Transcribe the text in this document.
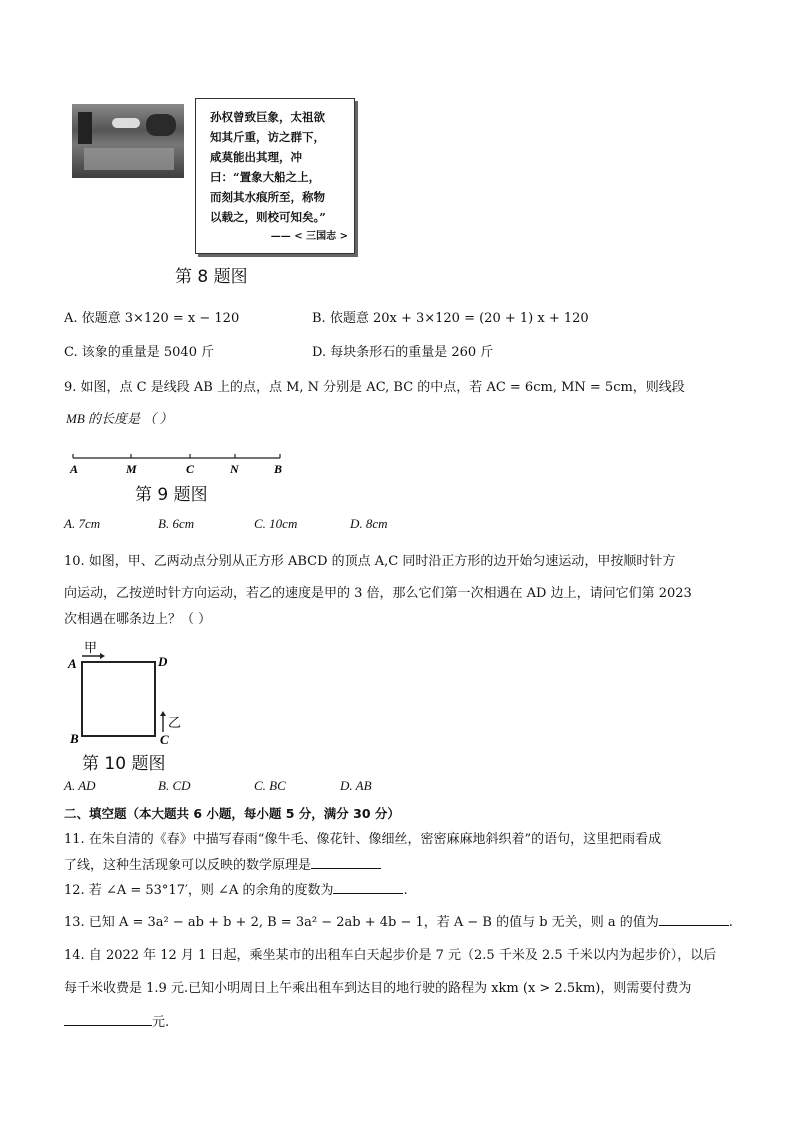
孙权曾致巨象，太祖欲
知其斤重，访之群下，
咸莫能出其理，冲
曰：“置象大船之上，
而刻其水痕所至，称物
以载之，则校可知矣。”
—— < 三国志 >
第 8 题图
A. 依题意 3×120 = x − 120	B. 依题意 20x + 3×120 = (20 + 1) x + 120
C. 该象的重量是 5040 斤	D. 每块条形石的重量是 260 斤
9. 如图，点 C 是线段 AB 上的点，点 M, N 分别是 AC, BC 的中点，若 AC = 6cm, MN = 5cm，则线段
MB 的长度是 （ ）
A	M	C	N	B
第 9 题图
A. 7cm	B. 6cm	C. 10cm	D. 8cm
10. 如图，甲、乙两动点分别从正方形 ABCD 的顶点 A,C 同时沿正方形的边开始匀速运动，甲按顺时针方
向运动，乙按逆时针方向运动，若乙的速度是甲的 3 倍，那么它们第一次相遇在 AD 边上，请问它们第 2023
次相遇在哪条边上？（ ）
甲
乙
A	D
B	C
第 10 题图
A. AD	B. CD	C. BC	D. AB
二、填空题（本大题共 6 小题，每小题 5 分，满分 30 分）
11. 在朱自清的《春》中描写春雨“像牛毛、像花针、像细丝，密密麻麻地斜织着”的语句，这里把雨看成
了线，这种生活现象可以反映的数学原理是
12. 若 ∠A = 53°17′，则 ∠A 的余角的度数为	.
13. 已知 A = 3a² − ab + b + 2, B = 3a² − 2ab + 4b − 1，若 A − B 的值与 b 无关，则 a 的值为	.
14. 自 2022 年 12 月 1 日起，乘坐某市的出租车白天起步价是 7 元（2.5 千米及 2.5 千米以内为起步价），以后
每千米收费是 1.9 元.已知小明周日上午乘出租车到达目的地行驶的路程为 xkm (x > 2.5km)，则需要付费为
元.
